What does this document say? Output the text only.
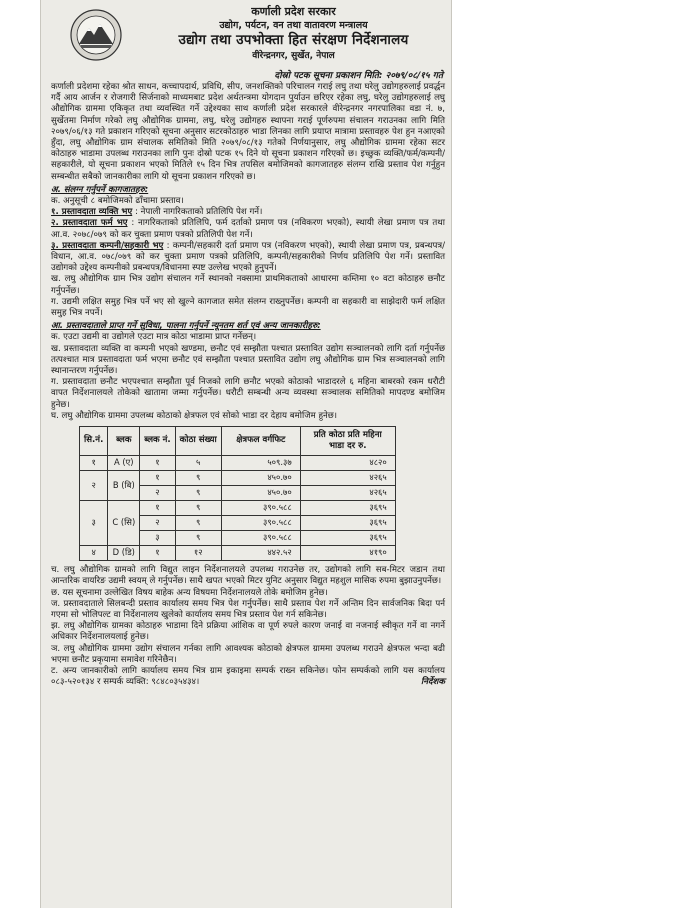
कर्णाली प्रदेश सरकार
उद्योग, पर्यटन, वन तथा वातावरण मन्त्रालय
उद्योग तथा उपभोक्ता हित संरक्षण निर्देशनालय
वीरेन्द्रनगर, सुर्खेत, नेपाल
दोस्रो पटक सूचना प्रकाशन मिति: २०७९/०८/१५ गते

कर्णाली प्रदेशमा रहेका श्रोत साधन, कच्चापदार्थ, प्रविधि, सीप, जनशक्तिको परिचालन गराई लघु तथा घरेलु उद्योगहरुलाई प्रवर्द्धन गर्दै आय आर्जन र रोजगारी सिर्जनाको माध्यमबाट प्रदेश अर्थतन्त्रमा योगदान पुर्याउन छरिएर रहेका लघु, घरेलु उद्योगहरुलाई लघु औद्योगिक ग्राममा एकिकृत तथा व्यवस्थित गर्ने उद्देश्यका साथ कर्णाली प्रदेश सरकारले वीरेन्द्रनगर नगरपालिका वडा नं. ७, सुर्खेतमा निर्माण गरेको लघु औद्योगिक ग्राममा, लघु, घरेलु उद्योगहरु स्थापना गराई पूर्णरुपमा संचालन गराउनका लागि मिति २०७९/०६/१३ गते प्रकाशन गरिएको सूचना अनुसार सटरकोठाहरु भाडा लिनका लागि प्रयाप्त मात्रामा प्रस्तावहरु पेश हुन नआएको हुँदा, लघु औद्योगिक ग्राम संचालक समितिको मिति २०७९/०८/१३ गतेको निर्णयानुसार, लघु औद्योगिक ग्राममा रहेका सटर कोठाहरु भाडामा उपलब्ध गराउनका लागि पुनः दोस्रो पटक १५ दिने यो सूचना प्रकाशन गरिएको छ। इच्छुक व्यक्ति/फर्म/कम्पनी/ सहकारीले, यो सूचना प्रकाशन भएको मितिले १५ दिन भित्र तपसिल बमोजिमको कागजातहरु संलग्न राखि प्रस्ताव पेश गर्नुहुन सम्बन्धीत सबैको जानकारीका लागि यो सूचना प्रकाशन गरिएको छ।

अ. संलग्न गर्नुपर्ने कागजातहरु:

क. अनुसूची ८ बमोजिमको ढाँचामा प्रस्ताव।

१. प्रस्तावदाता व्यक्ति भए : नेपाली नागरिकताको प्रतिलिपि पेश गर्ने।

२. प्रस्तावदाता फर्म भए : नागरिकताको प्रतिलिपि, फर्म दर्ताको प्रमाण पत्र (नविकरण भएको), स्थायी लेखा प्रमाण पत्र तथा आ.व. २०७८/०७९ को कर चुक्ता प्रमाण पत्रको प्रतिलिपी पेश गर्ने।

३. प्रस्तावदाता कम्पनी/सहकारी भए : कम्पनी/सहकारी दर्ता प्रमाण पत्र (नविकरण भएको), स्थायी लेखा प्रमाण पत्र, प्रबन्धपत्र/विधान, आ.व. ०७८/०७९ को कर चुक्ता प्रमाण पत्रको प्रतिलिपि, कम्पनी/सहकारीको निर्णय प्रतिलिपि पेश गर्ने। प्रस्तावित उद्योगको उद्देश्य कम्पनीको प्रबन्धपत्र/विधानमा स्पष्ट उल्लेख भएको हुनुपर्ने।

ख. लघु औद्योगिक ग्राम भित्र उद्योग संचालन गर्ने स्थानको नक्सामा प्राथमिकताको आधारमा कम्तिमा १० वटा कोठाहरु छनौट गर्नुपर्नेछ।

ग. उद्यमी लक्षित समुह भित्र पर्ने भए सो खुल्ने कागजात समेत संलग्न राख्नुपर्नेछ। कम्पनी वा सहकारी वा साझेदारी फर्म लक्षित समुह भित्र नपर्ने।

आ. प्रस्तावदाताले प्राप्त गर्ने सुविधा, पालना गर्नुपर्ने न्यूनतम शर्त एवं अन्य जानकारीहरु:

क. एउटा उद्यमी वा उद्योगले एउटा मात्र कोठा भाडामा प्राप्त गर्नेछन्।

ख. प्रस्तावदाता व्यक्ति वा कम्पनी भएको खण्डमा, छनौट एवं सम्झौता पश्चात प्रस्तावित उद्योग सञ्चालनको लागि दर्ता गर्नुपर्नेछ तत्पश्चात मात्र प्रस्तावदाता फर्म भएमा छनौट एवं सम्झौता पश्चात प्रस्तावित उद्योग लघु औद्योगिक ग्राम भित्र सञ्चालनको लागि स्थानान्तरण गर्नुपर्नेछ।

ग. प्रस्तावदाता छनौट भएपश्चात सम्झौता पूर्व निजको लागि छनौट भएको कोठाको भाडादरले ६ महिना बाबरको रकम धरौटी वापत निर्देशनालयले तोकेको खातामा जम्मा गर्नुपर्नेछ। धरौटी सम्बन्धी अन्य व्यवस्था सञ्चालक समितिको मापदण्ड बमोजिम हुनेछ।

घ. लघु औद्योगिक ग्राममा उपलब्ध कोठाको क्षेत्रफल एवं सोको भाडा दर देहाय बमोजिम हुनेछ।

सि.नं.	ब्लक	ब्लक नं.	कोठा संख्या	क्षेत्रफल वर्गफिट	प्रति कोठा प्रति महिना भाडा दर रु.
१	A (ए)	१	५	५०९.३७	४८२०
२	B (बि)	१	९	४५०.७०	४२६५
		२	९	४५०.७०	४२६५
३	C (सि)	१	९	३९०.५८८	३६९५
		२	९	३९०.५८८	३६९५
		३	९	३९०.५८८	३६९५
४	D (डि)	१	१२	४४२.५२	४१९०

च. लघु औद्योगिक ग्रामको लागि विद्युत लाइन निर्देशनालयले उपलब्ध गराउनेछ तर, उद्योगको लागि सब-मिटर जडान तथा आन्तरिक वायरिङ उद्यमी स्वयम् ले गर्नुपर्नेछ। साथै खपत भएको मिटर युनिट अनुसार विद्युत महशुल मासिक रुपमा बुझाउनुपर्नेछ।

छ. यस सूचनामा उल्लेखित विषय बाहेक अन्य विषयमा निर्देशनालयले तोके बमोजिम हुनेछ।

ज. प्रस्तावदाताले सिलबन्दी प्रस्ताव कार्यालय समय भित्र पेश गर्नुपर्नेछ। साथै प्रस्ताव पेश गर्ने अन्तिम दिन सार्वजनिक बिदा पर्न गएमा सो भोलिपल्ट वा निर्देशनालय खुलेको कार्यालय समय भित्र प्रस्ताव पेश गर्न सकिनेछ।

झ. लघु औद्योगिक ग्रामका कोठाहरु भाडामा दिने प्रक्रिया आंशिक वा पूर्ण रुपले कारण जनाई वा नजनाई स्वीकृत गर्ने वा नगर्ने अधिकार निर्देशनालयलाई हुनेछ।

ञ. लघु औद्योगिक ग्राममा उद्योग संचालन गर्नका लागि आवश्यक कोठाको क्षेत्रफल ग्राममा उपलब्ध गराउने क्षेत्रफल भन्दा बढी भएमा छनौट प्रकृयामा समावेश गरिनेछैन।

ट. अन्य जानकारीको लागि कार्यालय समय भित्र ग्राम इकाइमा सम्पर्क राख्न सकिनेछ। फोन सम्पर्कको लागि यस कार्यालय ०८३-५२०१३४ र सम्पर्क व्यक्ति: ९८४८०३५४३४।	निर्देशक
